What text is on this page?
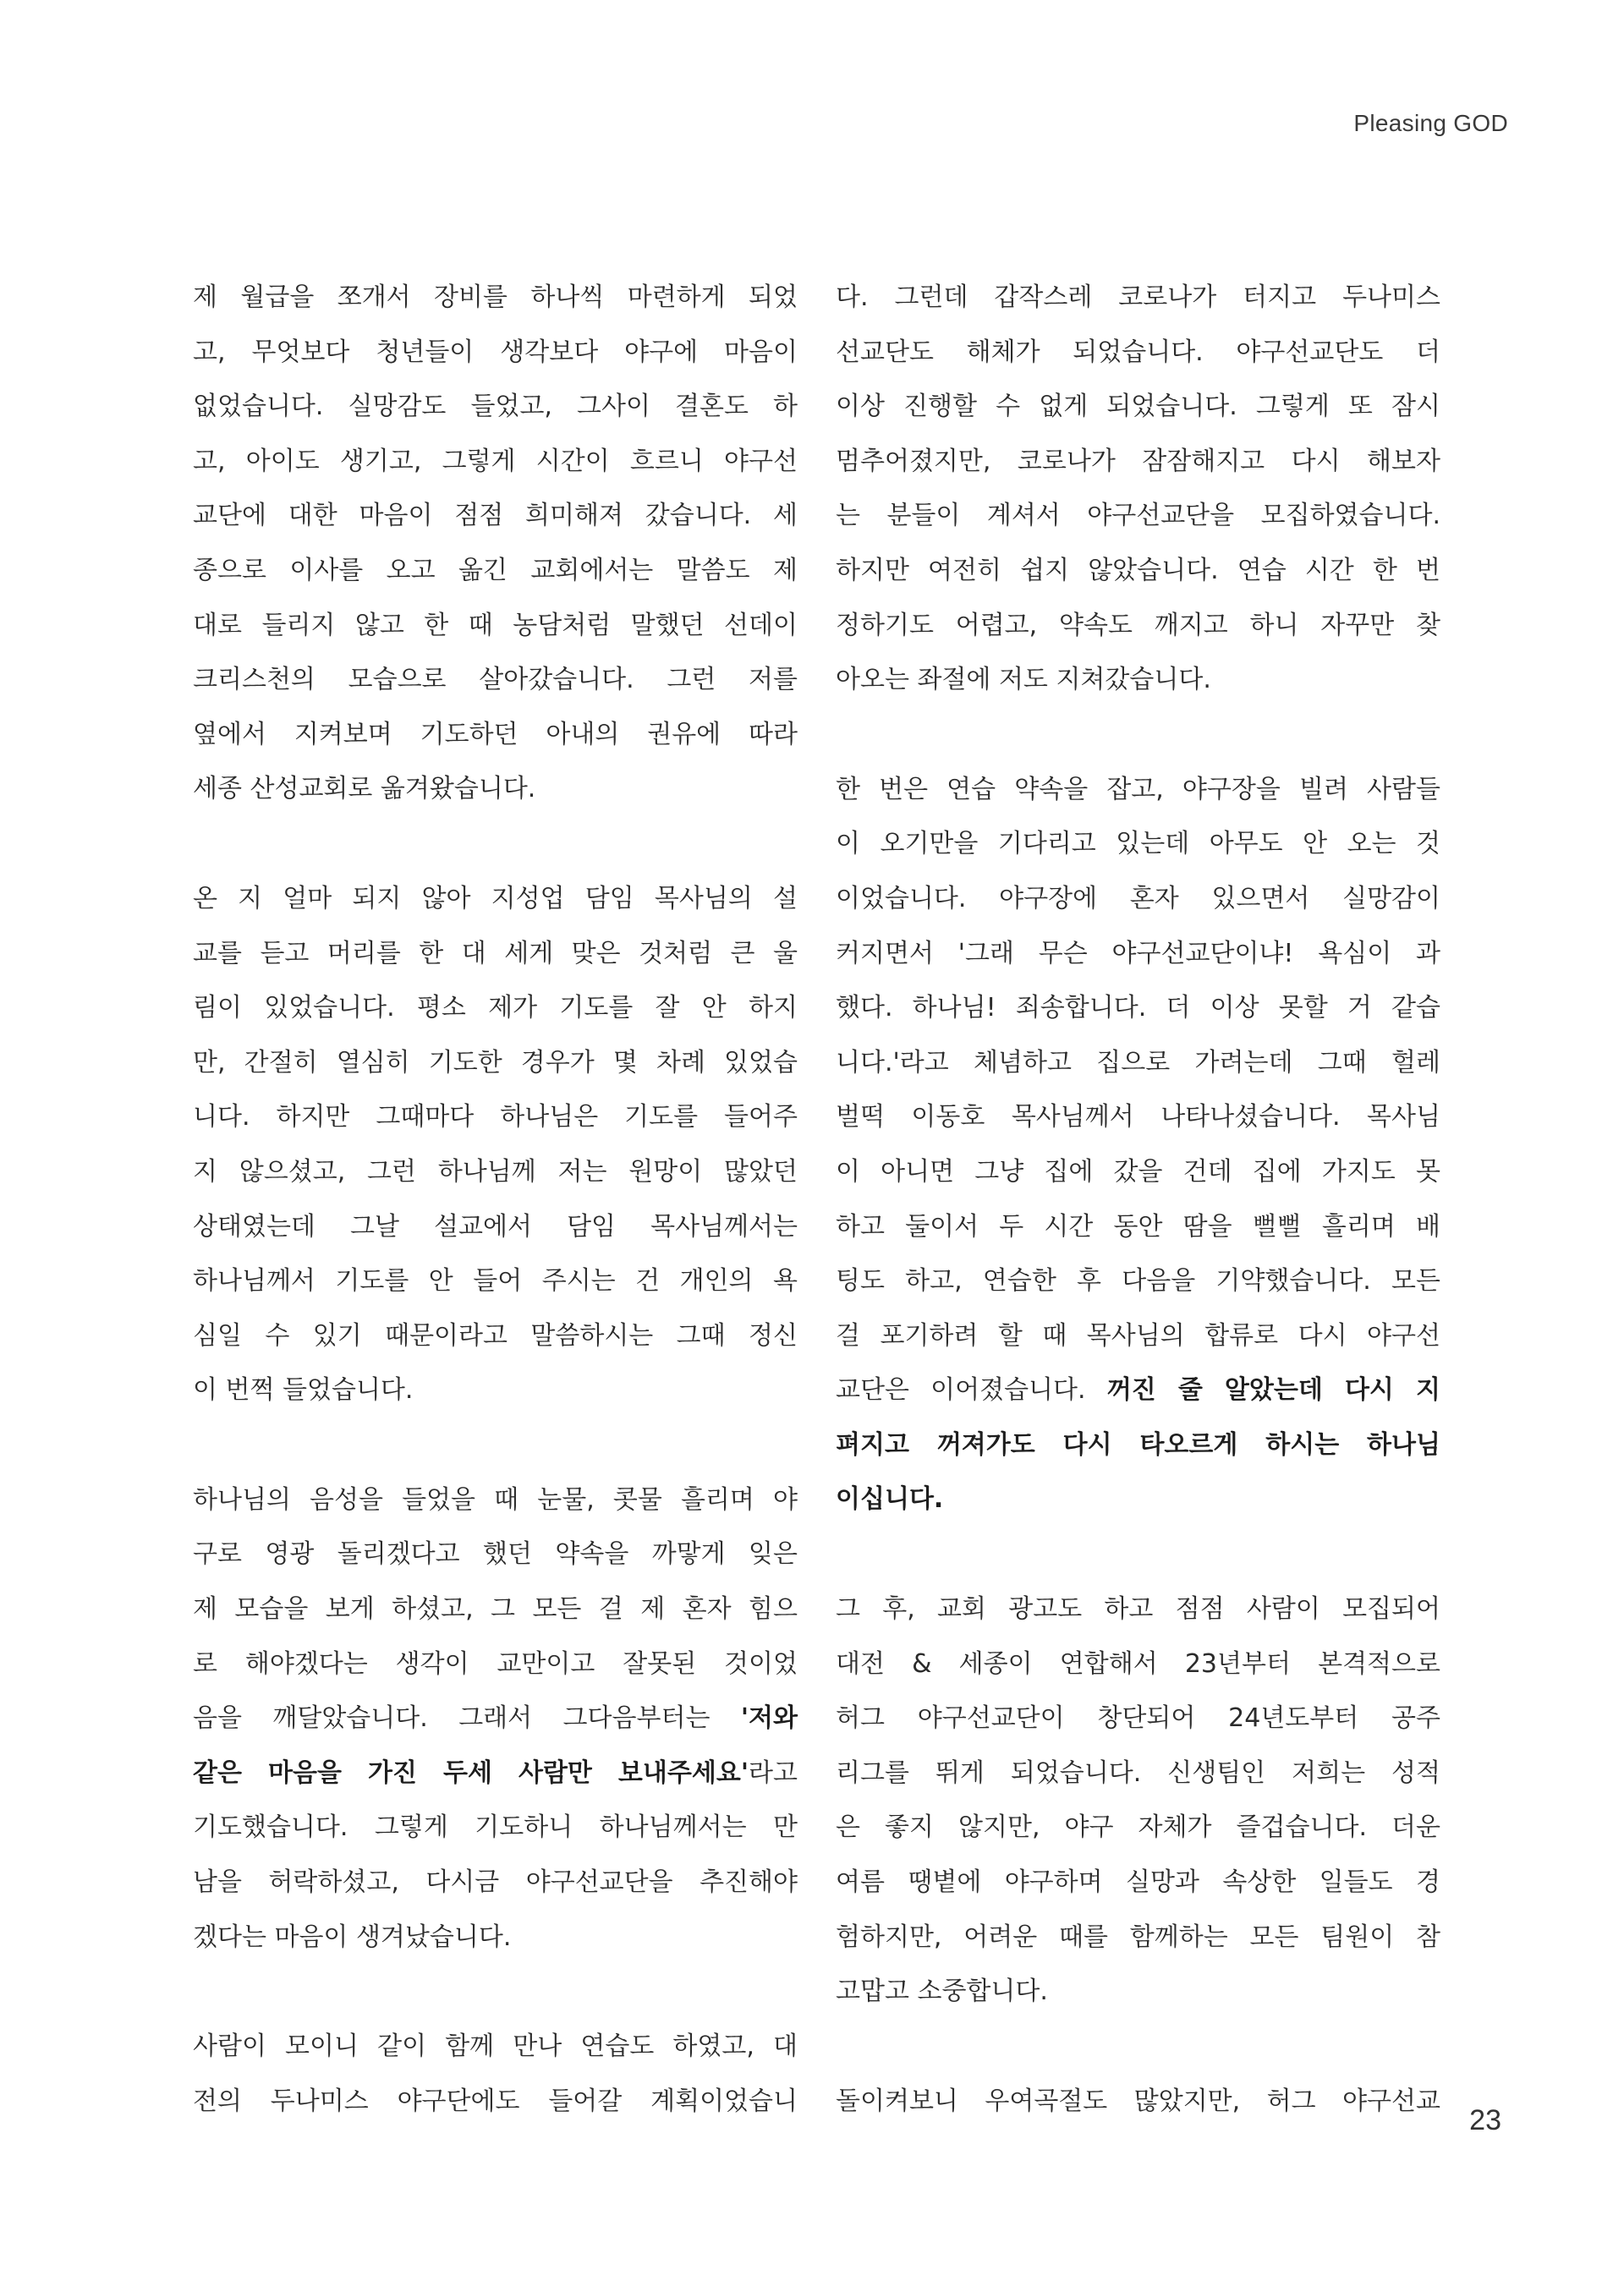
Pleasing GOD

제 월급을 쪼개서 장비를 하나씩 마련하게 되었
고, 무엇보다 청년들이 생각보다 야구에 마음이
없었습니다. 실망감도 들었고, 그사이 결혼도 하
고, 아이도 생기고, 그렇게 시간이 흐르니 야구선
교단에 대한 마음이 점점 희미해져 갔습니다. 세
종으로 이사를 오고 옮긴 교회에서는 말씀도 제
대로 들리지 않고 한 때 농담처럼 말했던 선데이
크리스천의 모습으로 살아갔습니다. 그런 저를
옆에서 지켜보며 기도하던 아내의 권유에 따라
세종 산성교회로 옮겨왔습니다.

온 지 얼마 되지 않아 지성업 담임 목사님의 설
교를 듣고 머리를 한 대 세게 맞은 것처럼 큰 울
림이 있었습니다. 평소 제가 기도를 잘 안 하지
만, 간절히 열심히 기도한 경우가 몇 차례 있었습
니다. 하지만 그때마다 하나님은 기도를 들어주
지 않으셨고, 그런 하나님께 저는 원망이 많았던
상태였는데 그날 설교에서 담임 목사님께서는
하나님께서 기도를 안 들어 주시는 건 개인의 욕
심일 수 있기 때문이라고 말씀하시는 그때 정신
이 번쩍 들었습니다.

하나님의 음성을 들었을 때 눈물, 콧물 흘리며 야
구로 영광 돌리겠다고 했던 약속을 까맣게 잊은
제 모습을 보게 하셨고, 그 모든 걸 제 혼자 힘으
로 해야겠다는 생각이 교만이고 잘못된 것이었
음을 깨달았습니다. 그래서 그다음부터는 '저와
같은 마음을 가진 두세 사람만 보내주세요'라고
기도했습니다. 그렇게 기도하니 하나님께서는 만
남을 허락하셨고, 다시금 야구선교단을 추진해야
겠다는 마음이 생겨났습니다.

사람이 모이니 같이 함께 만나 연습도 하였고, 대
전의 두나미스 야구단에도 들어갈 계획이었습니

다. 그런데 갑작스레 코로나가 터지고 두나미스
선교단도 해체가 되었습니다. 야구선교단도 더
이상 진행할 수 없게 되었습니다. 그렇게 또 잠시
멈추어졌지만, 코로나가 잠잠해지고 다시 해보자
는 분들이 계셔서 야구선교단을 모집하였습니다.
하지만 여전히 쉽지 않았습니다. 연습 시간 한 번
정하기도 어렵고, 약속도 깨지고 하니 자꾸만 찾
아오는 좌절에 저도 지쳐갔습니다.

한 번은 연습 약속을 잡고, 야구장을 빌려 사람들
이 오기만을 기다리고 있는데 아무도 안 오는 것
이었습니다. 야구장에 혼자 있으면서 실망감이
커지면서 '그래 무슨 야구선교단이냐! 욕심이 과
했다. 하나님! 죄송합니다. 더 이상 못할 거 같습
니다.'라고 체념하고 집으로 가려는데 그때 헐레
벌떡 이동호 목사님께서 나타나셨습니다. 목사님
이 아니면 그냥 집에 갔을 건데 집에 가지도 못
하고 둘이서 두 시간 동안 땀을 뻘뻘 흘리며 배
팅도 하고, 연습한 후 다음을 기약했습니다. 모든
걸 포기하려 할 때 목사님의 합류로 다시 야구선
교단은 이어졌습니다. 꺼진 줄 알았는데 다시 지
펴지고 꺼져가도 다시 타오르게 하시는 하나님
이십니다.

그 후, 교회 광고도 하고 점점 사람이 모집되어
대전 & 세종이 연합해서 23년부터 본격적으로
허그 야구선교단이 창단되어 24년도부터 공주
리그를 뛰게 되었습니다. 신생팀인 저희는 성적
은 좋지 않지만, 야구 자체가 즐겁습니다. 더운
여름 땡볕에 야구하며 실망과 속상한 일들도 경
험하지만, 어려운 때를 함께하는 모든 팀원이 참
고맙고 소중합니다.

돌이켜보니 우여곡절도 많았지만, 허그 야구선교

23
